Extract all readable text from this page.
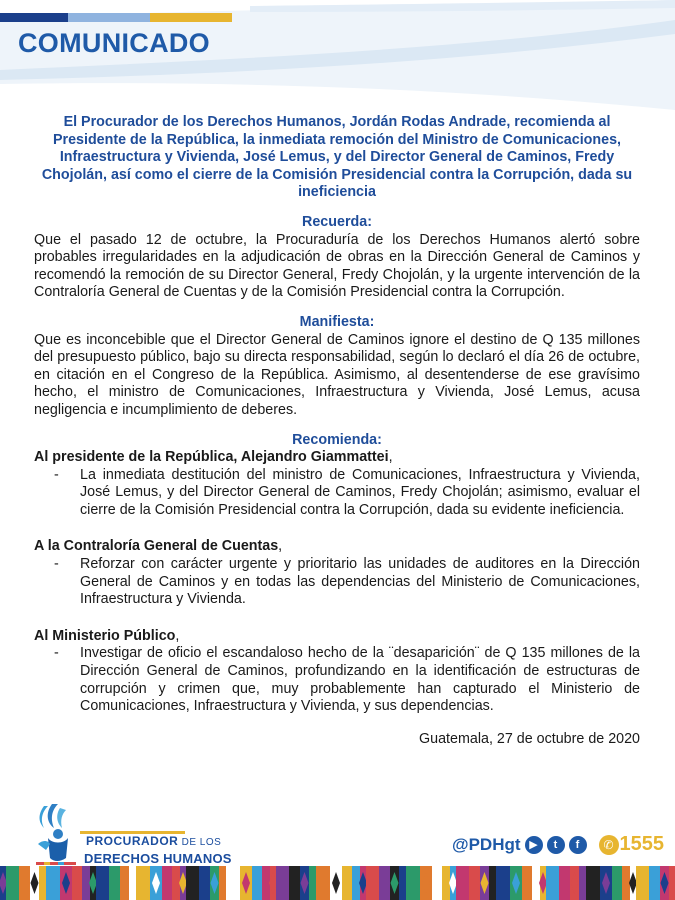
COMUNICADO

El Procurador de los Derechos Humanos, Jordán Rodas Andrade, recomienda al Presidente de la República, la inmediata remoción del Ministro de Comunicaciones, Infraestructura y Vivienda, José Lemus, y del Director General de Caminos, Fredy Chojolán, así como el cierre de la Comisión Presidencial contra la Corrupción, dada su ineficiencia

Recuerda:

Que el pasado 12 de octubre, la Procuraduría de los Derechos Humanos alertó sobre probables irregularidades en la adjudicación de obras en la Dirección General de Caminos y recomendó la remoción de su Director General, Fredy Chojolán, y la urgente intervención de la Contraloría General de Cuentas y de la Comisión Presidencial contra la Corrupción.

Manifiesta:

Que es inconcebible que el Director General de Caminos ignore el destino de Q 135 millones del presupuesto público, bajo su directa responsabilidad, según lo declaró el día 26 de octubre, en citación en el Congreso de la República. Asimismo, al desentenderse de ese gravísimo hecho, el ministro de Comunicaciones, Infraestructura y Vivienda, José Lemus, acusa negligencia e incumplimiento de deberes.

Recomienda:

Al presidente de la República, Alejandro Giammattei,

-	La inmediata destitución del ministro de Comunicaciones, Infraestructura y Vivienda, José Lemus, y del Director General de Caminos, Fredy Chojolán; asimismo, evaluar el cierre de la Comisión Presidencial contra la Corrupción, dada su evidente ineficiencia.

A la Contraloría General de Cuentas,

-	Reforzar con carácter urgente y prioritario las unidades de auditores en la Dirección General de Caminos y en todas las dependencias del Ministerio de Comunicaciones, Infraestructura y Vivienda.

Al Ministerio Público,

-	Investigar de oficio el escandaloso hecho de la ¨desaparición¨ de Q 135 millones de la Dirección General de Caminos, profundizando en la identificación de estructuras de corrupción y crimen que, muy probablemente han capturado el Ministerio de Comunicaciones, Infraestructura y Vivienda, y sus dependencias.

Guatemala, 27 de octubre de 2020

PROCURADOR DE LOS
DERECHOS HUMANOS
@PDHgt ▶	t	f	✆ 1555
